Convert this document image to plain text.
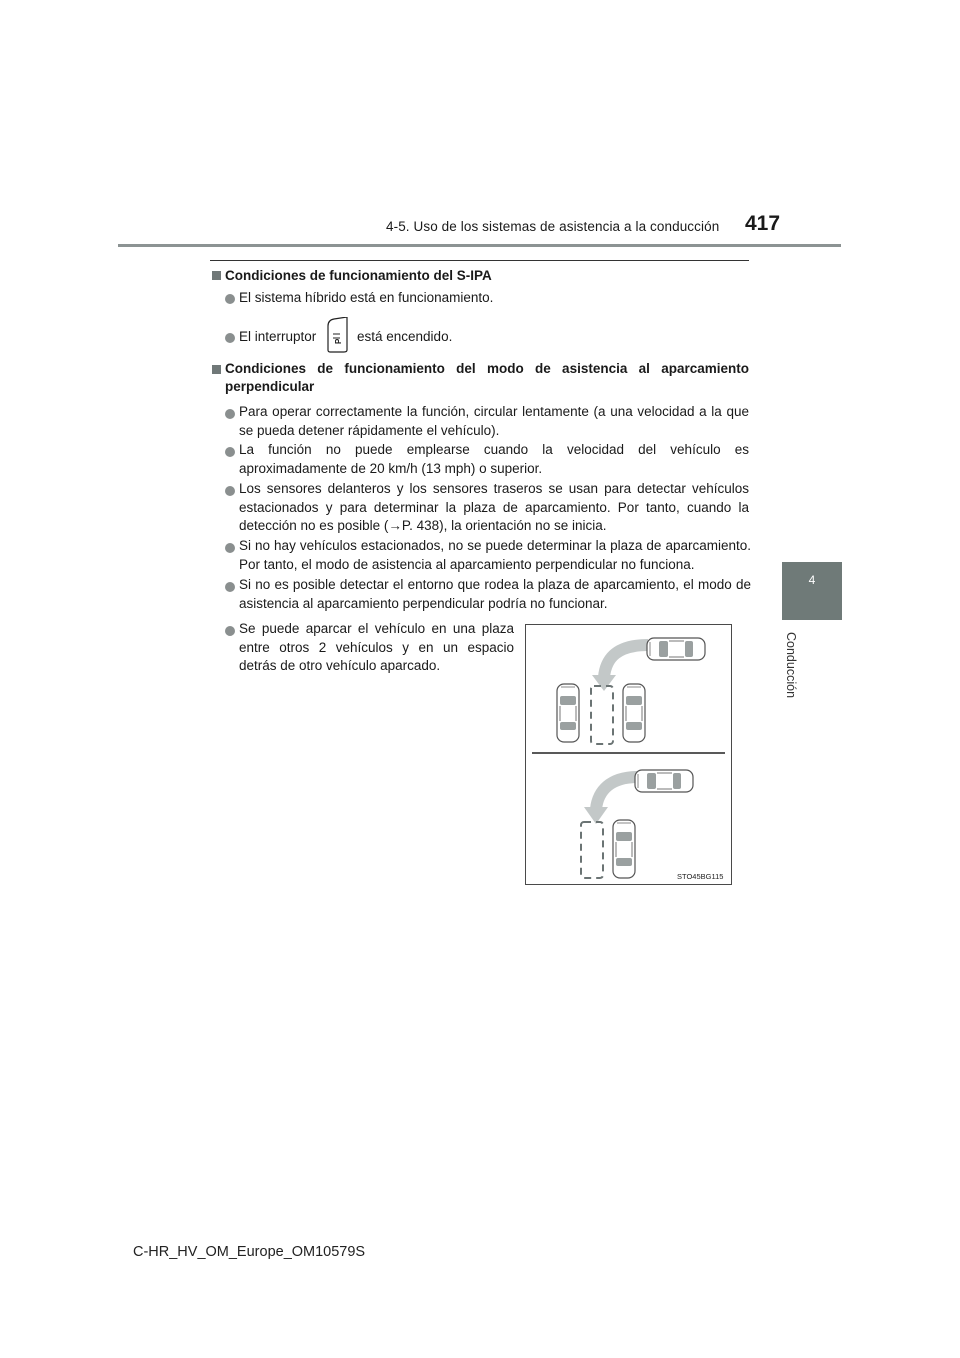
4-5. Uso de los sistemas de asistencia a la conducción 417
4
Conducción
Condiciones de funcionamiento del S-IPA
El sistema híbrido está en funcionamiento.
El interruptor P está encendido.
Condiciones de funcionamiento del modo de asistencia al aparcamiento perpendicular
Para operar correctamente la función, circular lentamente (a una velocidad a la que se pueda detener rápidamente el vehículo).
La función no puede emplearse cuando la velocidad del vehículo es aproximadamente de 20 km/h (13 mph) o superior.
Los sensores delanteros y los sensores traseros se usan para detectar vehículos estacionados y para determinar la plaza de aparcamiento. Por tanto, cuando la detección no es posible (→P. 438), la orientación no se inicia.
Si no hay vehículos estacionados, no se puede determinar la plaza de aparcamiento. Por tanto, el modo de asistencia al aparcamiento perpendicular no funciona.
Si no es posible detectar el entorno que rodea la plaza de aparcamiento, el modo de asistencia al aparcamiento perpendicular podría no funcionar.
Se puede aparcar el vehículo en una plaza entre otros 2 vehículos y en un espacio detrás de otro vehículo aparcado.
STO45BG115
C-HR_HV_OM_Europe_OM10579S
